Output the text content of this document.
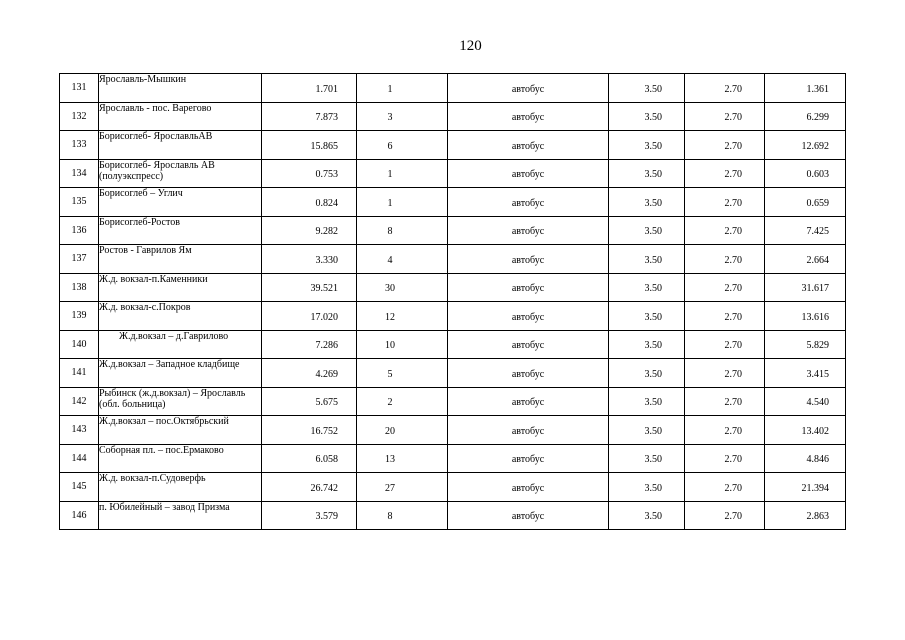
120
131	Ярославль-Мышкин	1.701	1	автобус	3.50	2.70	1.361
132	Ярославль - пос. Варегово	7.873	3	автобус	3.50	2.70	6.299
133	Борисоглеб- ЯрославльАВ	15.865	6	автобус	3.50	2.70	12.692
134	Борисоглеб- Ярославль АВ (полуэкспресс)	0.753	1	автобус	3.50	2.70	0.603
135	Борисоглеб – Углич	0.824	1	автобус	3.50	2.70	0.659
136	Борисоглеб-Ростов	9.282	8	автобус	3.50	2.70	7.425
137	Ростов - Гаврилов Ям	3.330	4	автобус	3.50	2.70	2.664
138	Ж.д. вокзал-п.Каменники	39.521	30	автобус	3.50	2.70	31.617
139	Ж.д. вокзал-с.Покров	17.020	12	автобус	3.50	2.70	13.616
140	Ж.д.вокзал – д.Гаврилово	7.286	10	автобус	3.50	2.70	5.829
141	Ж.д.вокзал – Западное кладбище	4.269	5	автобус	3.50	2.70	3.415
142	Рыбинск (ж.д.вокзал) – Ярославль (обл. больница)	5.675	2	автобус	3.50	2.70	4.540
143	Ж.д.вокзал – пос.Октябрьский	16.752	20	автобус	3.50	2.70	13.402
144	Соборная пл. – пос.Ермаково	6.058	13	автобус	3.50	2.70	4.846
145	Ж.д. вокзал-п.Судоверфь	26.742	27	автобус	3.50	2.70	21.394
146	п. Юбилейный – завод Призма	3.579	8	автобус	3.50	2.70	2.863
